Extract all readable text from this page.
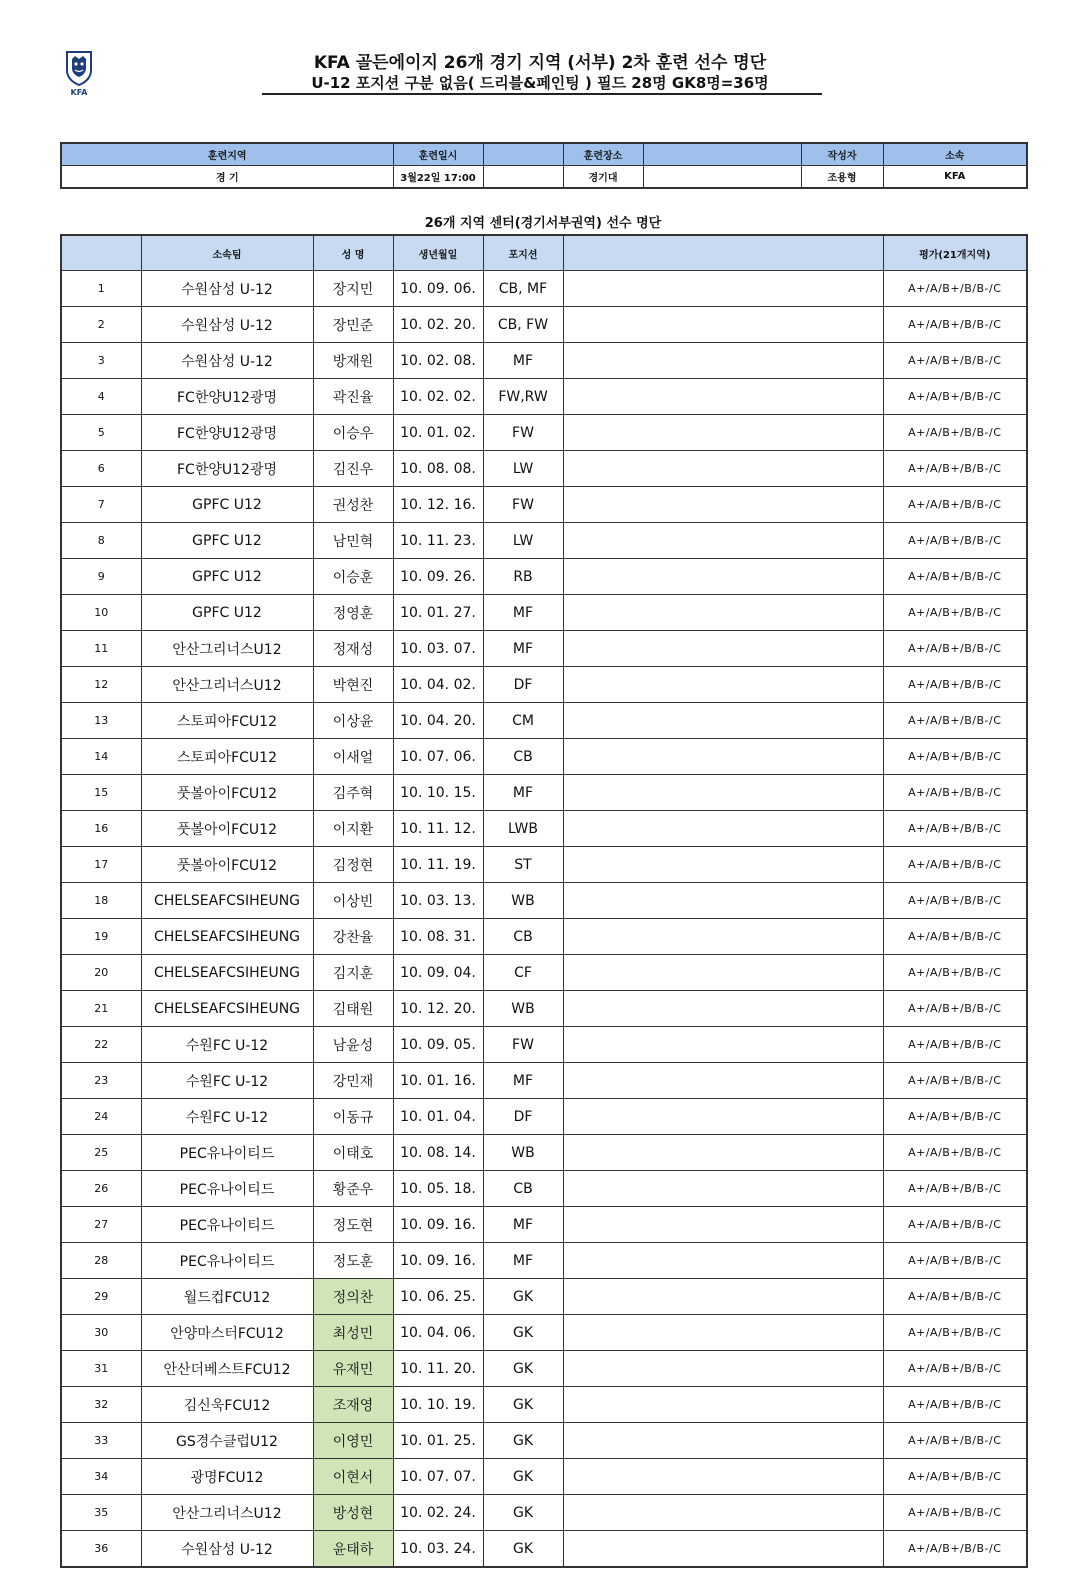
KFA
KFA 골든에이지 26개 경기 지역 (서부) 2차 훈련 선수 명단
U-12 포지션 구분 없음( 드리블&페인팅 ) 필드 28명 GK8명=36명
훈련지역	훈련일시		훈련장소		작성자	소속
경 기	3월22일 17:00		경기대		조용형	KFA
26개 지역 센터(경기서부권역) 선수 명단
	소속팀	성 명	생년월일	포지션		평가(21개지역)
1	수원삼성 U-12	장지민	10. 09. 06.	CB, MF		A+/A/B+/B/B-/C
2	수원삼성 U-12	장민준	10. 02. 20.	CB, FW		A+/A/B+/B/B-/C
3	수원삼성 U-12	방재원	10. 02. 08.	MF		A+/A/B+/B/B-/C
4	FC한양U12광명	곽진율	10. 02. 02.	FW,RW		A+/A/B+/B/B-/C
5	FC한양U12광명	이승우	10. 01. 02.	FW		A+/A/B+/B/B-/C
6	FC한양U12광명	김진우	10. 08. 08.	LW		A+/A/B+/B/B-/C
7	GPFC U12	권성찬	10. 12. 16.	FW		A+/A/B+/B/B-/C
8	GPFC U12	남민혁	10. 11. 23.	LW		A+/A/B+/B/B-/C
9	GPFC U12	이승훈	10. 09. 26.	RB		A+/A/B+/B/B-/C
10	GPFC U12	정영훈	10. 01. 27.	MF		A+/A/B+/B/B-/C
11	안산그리너스U12	정재성	10. 03. 07.	MF		A+/A/B+/B/B-/C
12	안산그리너스U12	박현진	10. 04. 02.	DF		A+/A/B+/B/B-/C
13	스토피아FCU12	이상윤	10. 04. 20.	CM		A+/A/B+/B/B-/C
14	스토피아FCU12	이새얼	10. 07. 06.	CB		A+/A/B+/B/B-/C
15	풋볼아이FCU12	김주혁	10. 10. 15.	MF		A+/A/B+/B/B-/C
16	풋볼아이FCU12	이지환	10. 11. 12.	LWB		A+/A/B+/B/B-/C
17	풋볼아이FCU12	김정현	10. 11. 19.	ST		A+/A/B+/B/B-/C
18	CHELSEAFCSIHEUNG	이상빈	10. 03. 13.	WB		A+/A/B+/B/B-/C
19	CHELSEAFCSIHEUNG	강찬율	10. 08. 31.	CB		A+/A/B+/B/B-/C
20	CHELSEAFCSIHEUNG	김지훈	10. 09. 04.	CF		A+/A/B+/B/B-/C
21	CHELSEAFCSIHEUNG	김태원	10. 12. 20.	WB		A+/A/B+/B/B-/C
22	수원FC U-12	남윤성	10. 09. 05.	FW		A+/A/B+/B/B-/C
23	수원FC U-12	강민재	10. 01. 16.	MF		A+/A/B+/B/B-/C
24	수원FC U-12	이동규	10. 01. 04.	DF		A+/A/B+/B/B-/C
25	PEC유나이티드	이태호	10. 08. 14.	WB		A+/A/B+/B/B-/C
26	PEC유나이티드	황준우	10. 05. 18.	CB		A+/A/B+/B/B-/C
27	PEC유나이티드	정도현	10. 09. 16.	MF		A+/A/B+/B/B-/C
28	PEC유나이티드	정도훈	10. 09. 16.	MF		A+/A/B+/B/B-/C
29	월드컵FCU12	정의찬	10. 06. 25.	GK		A+/A/B+/B/B-/C
30	안양마스터FCU12	최성민	10. 04. 06.	GK		A+/A/B+/B/B-/C
31	안산더베스트FCU12	유재민	10. 11. 20.	GK		A+/A/B+/B/B-/C
32	김신욱FCU12	조재영	10. 10. 19.	GK		A+/A/B+/B/B-/C
33	GS경수클럽U12	이영민	10. 01. 25.	GK		A+/A/B+/B/B-/C
34	광명FCU12	이현서	10. 07. 07.	GK		A+/A/B+/B/B-/C
35	안산그리너스U12	방성현	10. 02. 24.	GK		A+/A/B+/B/B-/C
36	수원삼성 U-12	윤태하	10. 03. 24.	GK		A+/A/B+/B/B-/C
